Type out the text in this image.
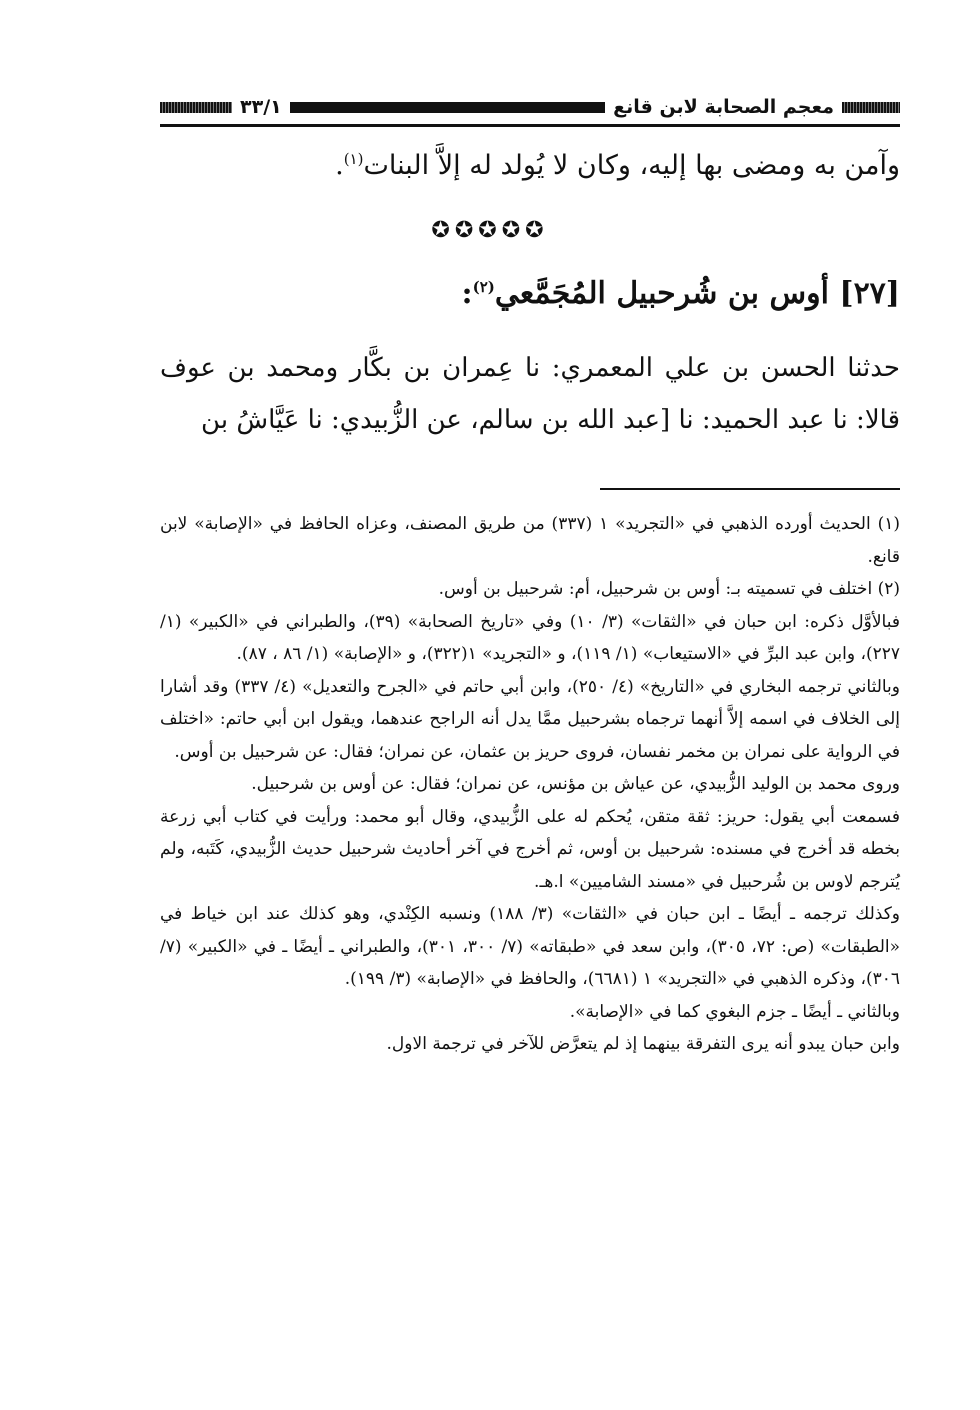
٣٣/١	معجم الصحابة لابن قانع
وآمن به ومضى بها إليه، وكان لا يُولد له إلاَّ البنات$^{(١)}$.
✪✪✪✪✪
[٢٧] أوس بن شُرحبيل المُجَمَّعي$^{(٢)}$:
حدثنا الحسن بن علي المعمري: نا عِمران بن بكَّار ومحمد بن عوف قالا: نا عبد الحميد: نا [عبد الله بن سالم، عن الزُّبيدي: نا عَيَّاشُ بن

(١) الحديث أورده الذهبي في «التجريد» ١ (٣٣٧) من طريق المصنف، وعزاه الحافظ في «الإصابة» لابن قانع.

(٢) اختلف في تسميته بـ: أوس بن شرحبيل، أم: شرحبيل بن أوس.

فبالأوَّل ذكره: ابن حبان في «الثقات» (٣/ ١٠) وفي «تاريخ الصحابة» (٣٩)، والطبراني في «الكبير» (١/ ٢٢٧)، وابن عبد البرِّ في «الاستيعاب» (١/ ١١٩)، و «التجريد» ١(٣٢٢)، و «الإصابة» (١/ ٨٦ ، ٨٧).

وبالثاني ترجمه البخاري في «التاريخ» (٤/ ٢٥٠)، وابن أبي حاتم في «الجرح والتعديل» (٤/ ٣٣٧) وقد أشارا إلى الخلاف في اسمه إلاَّ أنهما ترجماه بشرحبيل ممَّا يدل أنه الراجح عندهما، ويقول ابن أبي حاتم: «اختلف في الرواية على نمران بن مخمر نفسان، فروى حريز بن عثمان، عن نمران؛ فقال: عن شرحبيل بن أوس.

وروى محمد بن الوليد الزُّبيدي، عن عياش بن مؤنس، عن نمران؛ فقال: عن أوس بن شرحبيل.

فسمعت أبي يقول: حريز: ثقة متقن، يُحكم له على الزُّبيدي، وقال أبو محمد: ورأيت في كتاب أبي زرعة بخطه قد أخرج في مسنده: شرحبيل بن أوس، ثم أخرج في آخر أحاديث شرحبيل حديث الزُّبيدي، كَتَبه، ولم يُترجم لاوس بن شُرحبيل في «مسند الشاميين» ا.هـ.

وكذلك ترجمه ـ أيضًا ـ ابن حبان في «الثقات» (٣/ ١٨٨) ونسبه الكِنْدي، وهو كذلك عند ابن خياط في «الطبقات» (ص: ٧٢، ٣٠٥)، وابن سعد في «طبقاته» (٧/ ٣٠٠، ٣٠١)، والطبراني ـ أيضًا ـ في «الكبير» (٧/ ٣٠٦)، وذكره الذهبي في «التجريد» ١ (٦٦٨١)، والحافظ في «الإصابة» (٣/ ١٩٩).

وبالثاني ـ أيضًا ـ جزم البغوي كما في «الإصابة».

وابن حبان يبدو أنه يرى التفرقة بينهما إذ لم يتعرَّض للآخر في ترجمة الاول.
